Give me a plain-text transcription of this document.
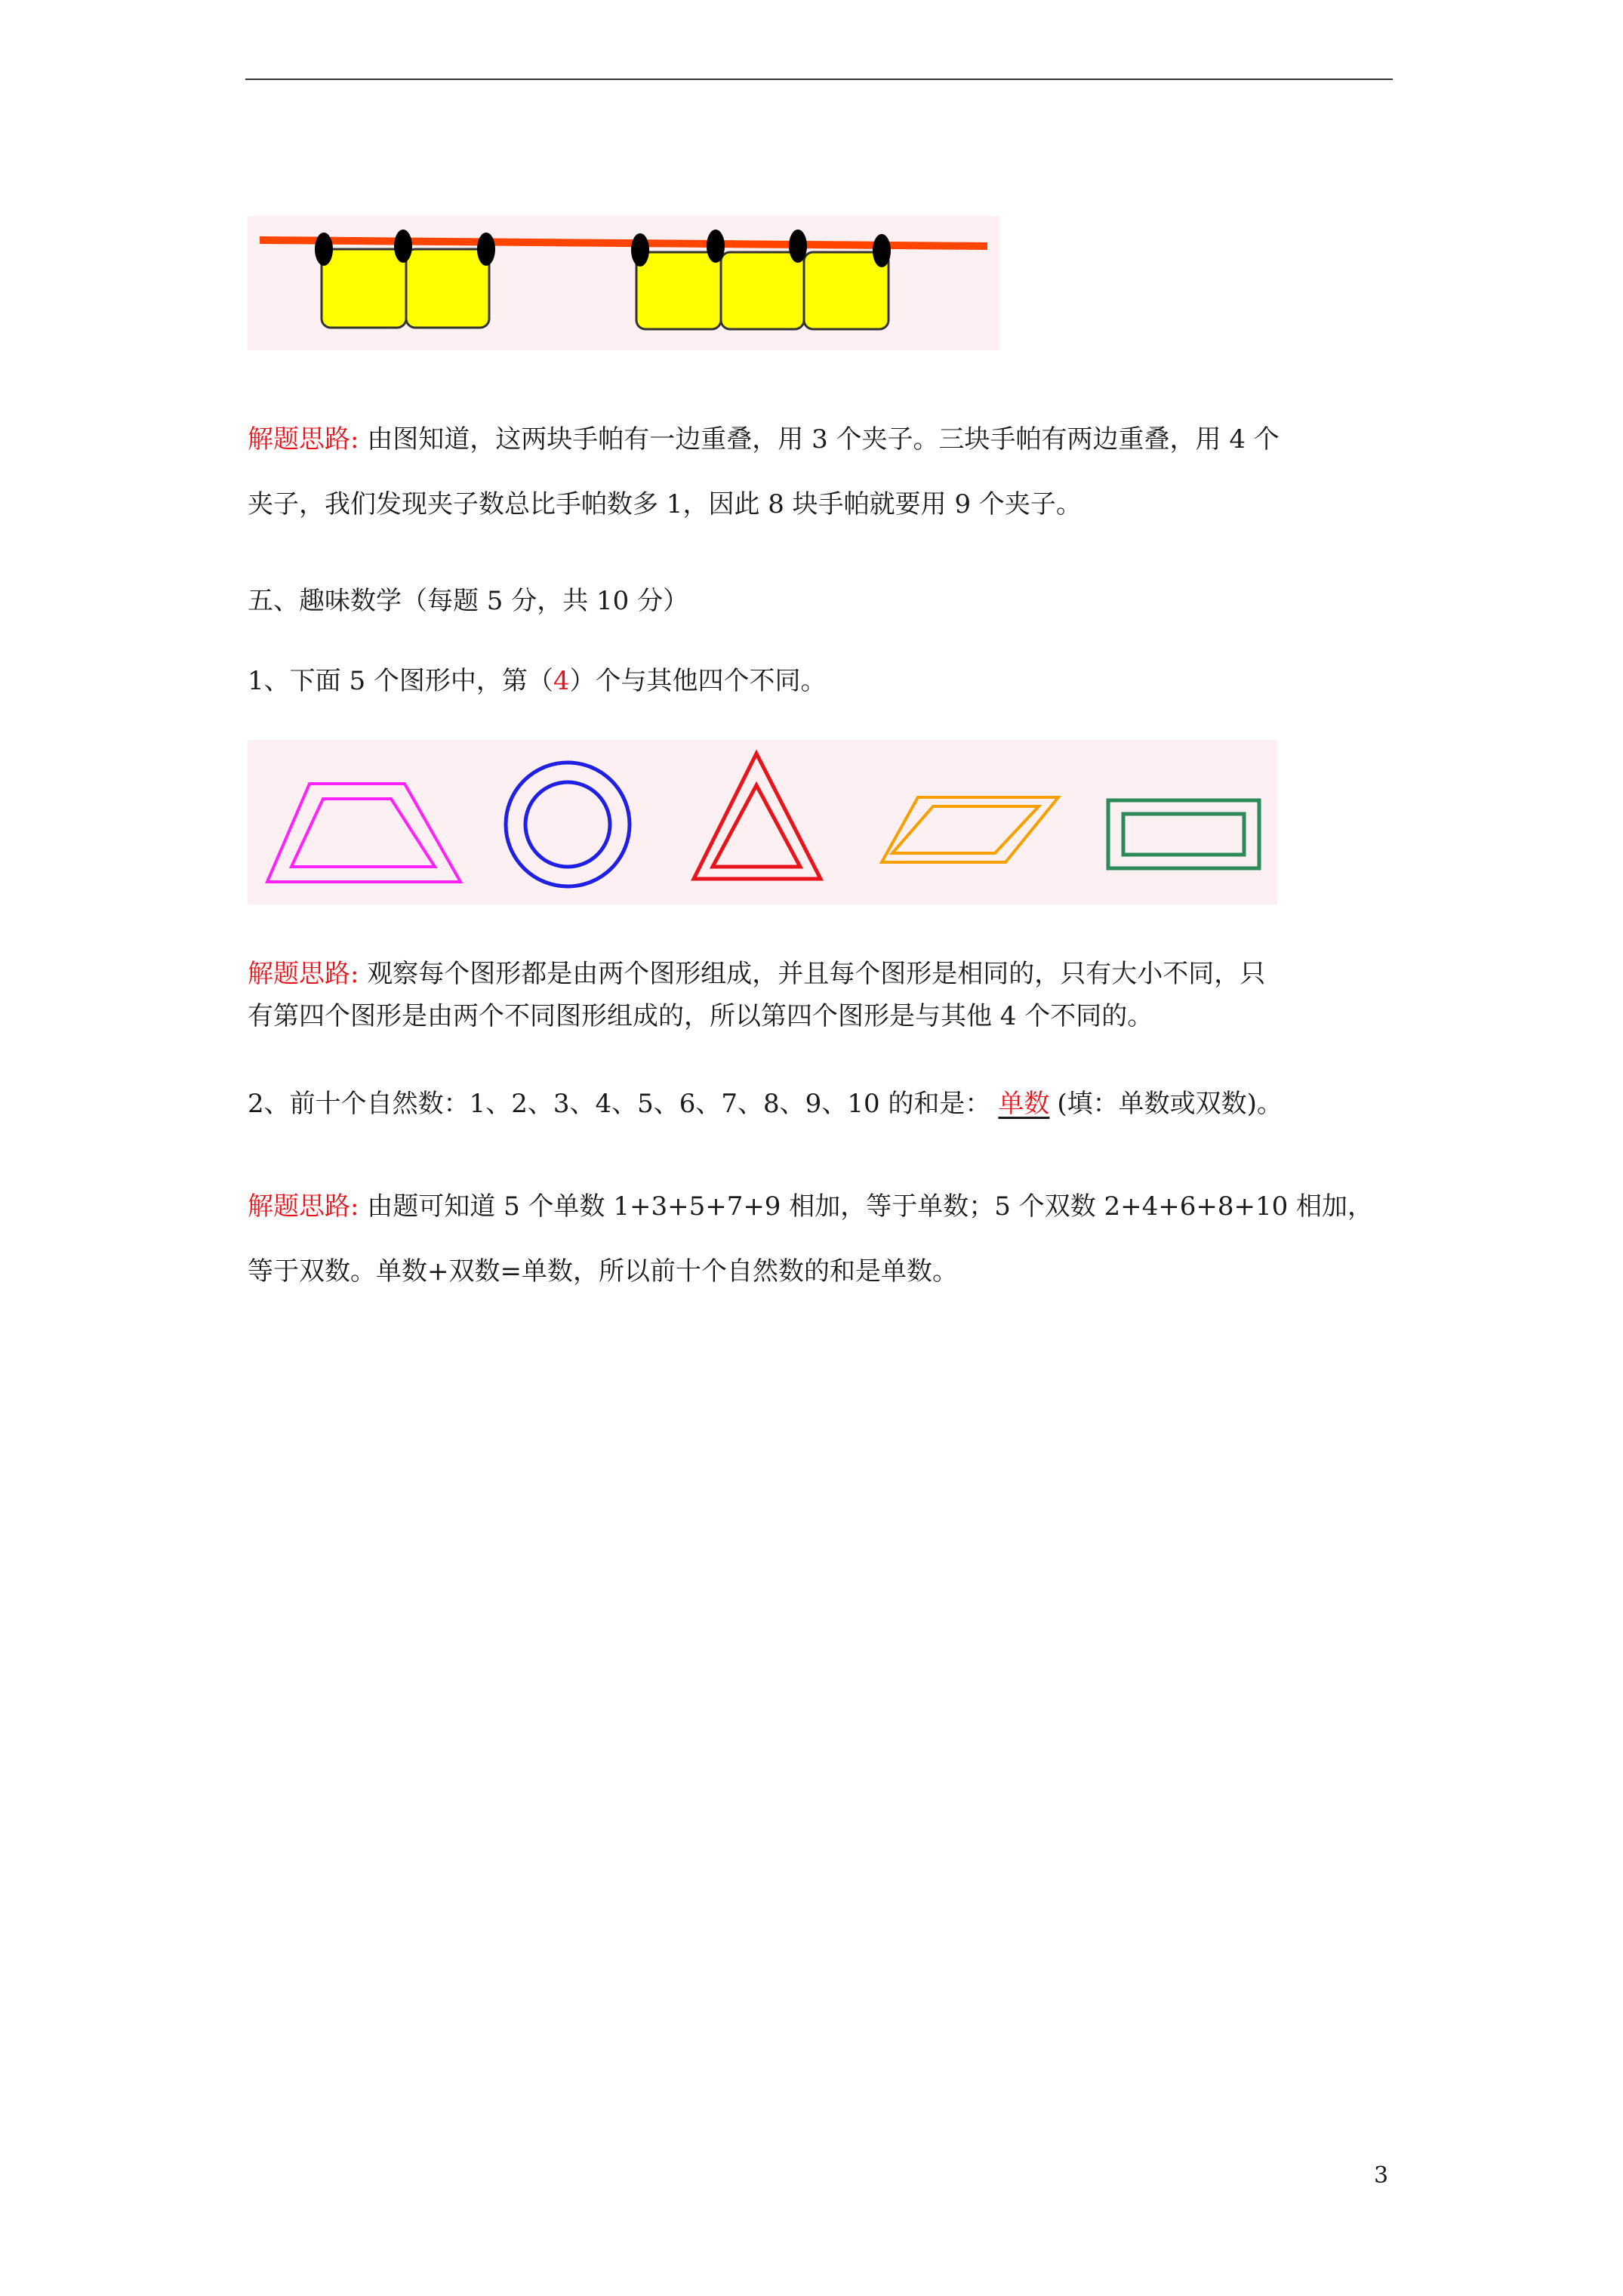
解题思路: 由图知道，这两块手帕有一边重叠，用 3 个夹子。三块手帕有两边重叠，用 4 个
夹子，我们发现夹子数总比手帕数多 1，因此 8 块手帕就要用 9 个夹子。
五、趣味数学（每题 5 分，共 10 分）
1、下面 5 个图形中，第（4）个与其他四个不同。
解题思路: 观察每个图形都是由两个图形组成，并且每个图形是相同的，只有大小不同，只
有第四个图形是由两个不同图形组成的，所以第四个图形是与其他 4 个不同的。
2、前十个自然数：1、2、3、4、5、6、7、8、9、10 的和是： 单数 (填：单数或双数)。
解题思路: 由题可知道 5 个单数 1+3+5+7+9 相加，等于单数；5 个双数 2+4+6+8+10 相加，
等于双数。单数+双数=单数，所以前十个自然数的和是单数。
3
